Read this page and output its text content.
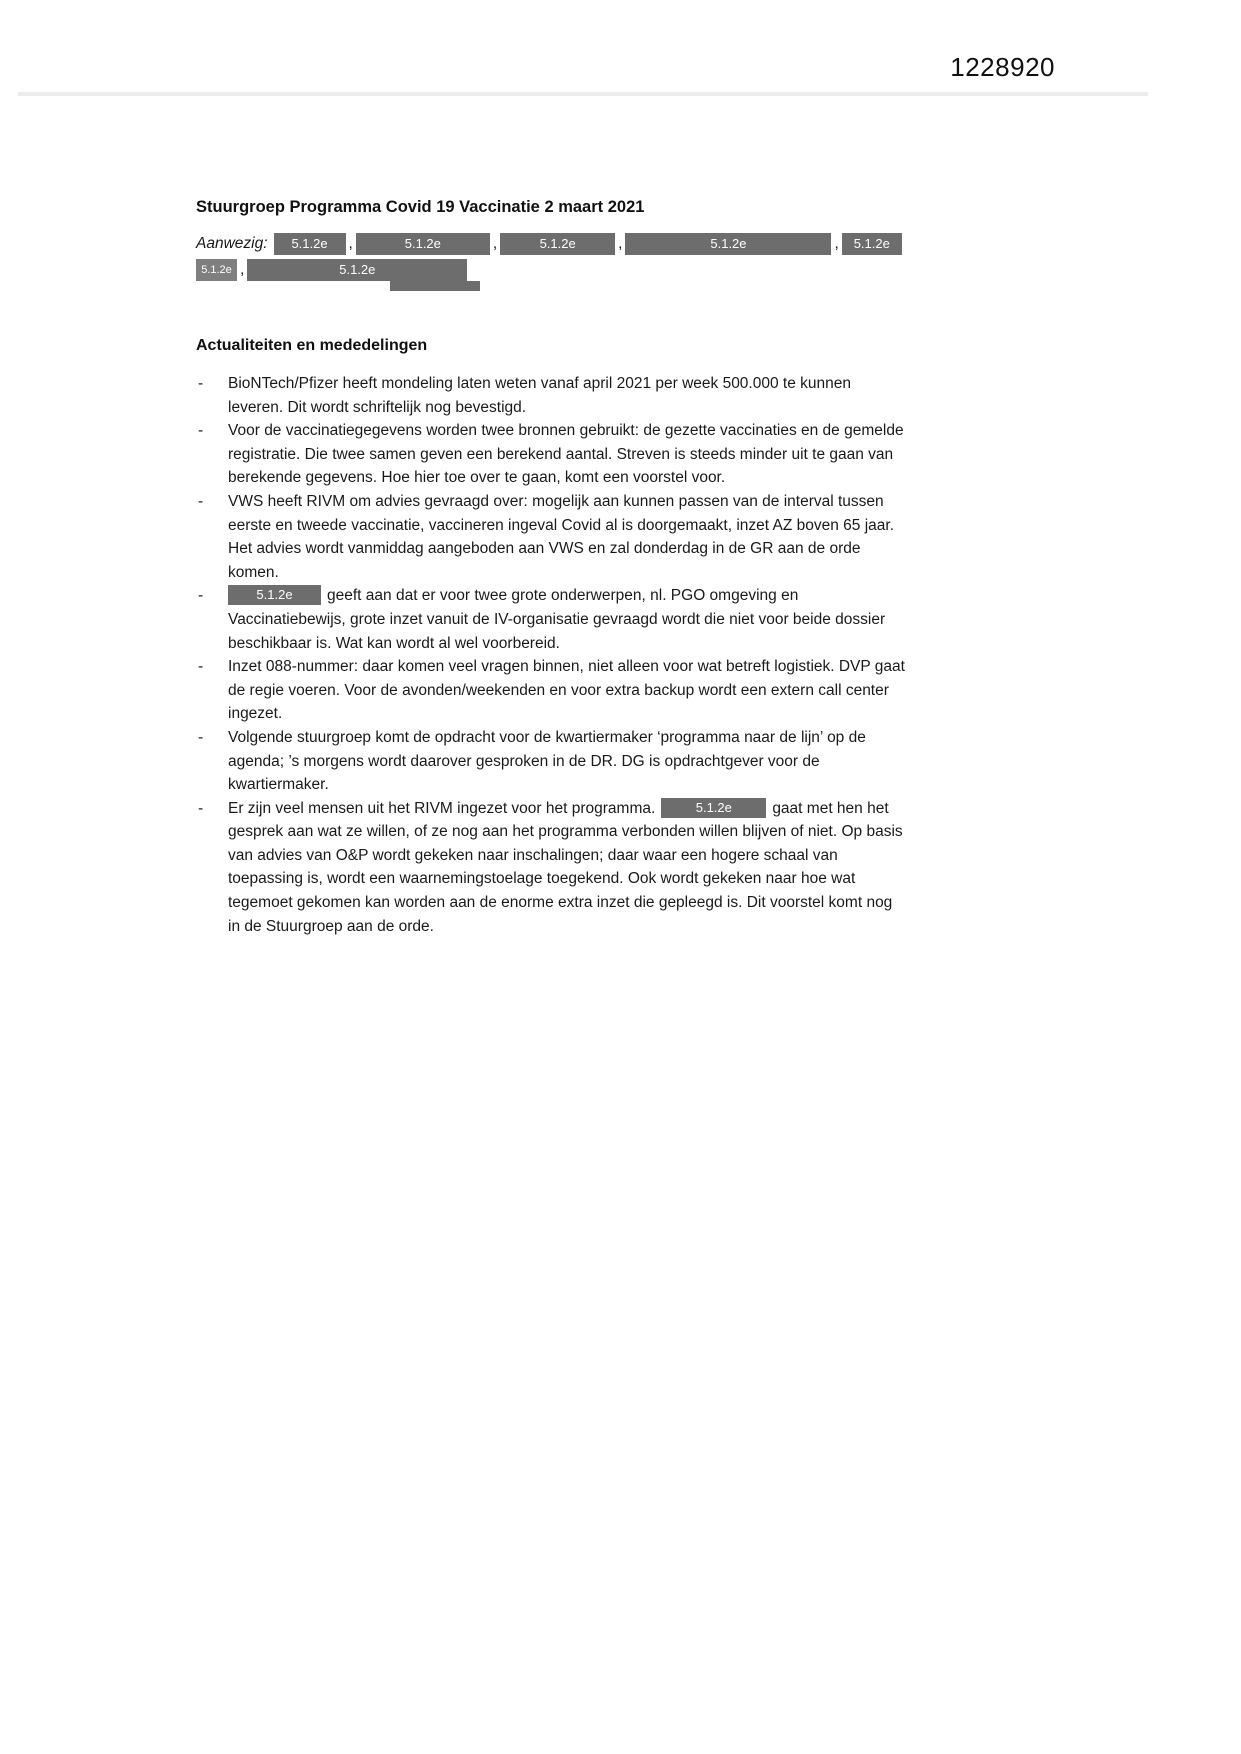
1228920
Stuurgroep Programma Covid 19 Vaccinatie 2 maart 2021
Aanwezig: 5.1.2e ,	5.1.2e	,	5.1.2e	,	5.1.2e	, 5.1.2e
5.1.2e ,	5.1.2e
Actualiteiten en mededelingen
-	BioNTech/Pfizer heeft mondeling laten weten vanaf april 2021 per week 500.000 te kunnen leveren. Dit wordt schriftelijk nog bevestigd.
-	Voor de vaccinatiegegevens worden twee bronnen gebruikt: de gezette vaccinaties en de gemelde registratie. Die twee samen geven een berekend aantal. Streven is steeds minder uit te gaan van berekende gegevens. Hoe hier toe over te gaan, komt een voorstel voor.
-	VWS heeft RIVM om advies gevraagd over: mogelijk aan kunnen passen van de interval tussen eerste en tweede vaccinatie, vaccineren ingeval Covid al is doorgemaakt, inzet AZ boven 65 jaar. Het advies wordt vanmiddag aangeboden aan VWS en zal donderdag in de GR aan de orde komen.
-	5.1.2e geeft aan dat er voor twee grote onderwerpen, nl. PGO omgeving en Vaccinatiebewijs, grote inzet vanuit de IV-organisatie gevraagd wordt die niet voor beide dossier beschikbaar is. Wat kan wordt al wel voorbereid.
-	Inzet 088-nummer: daar komen veel vragen binnen, niet alleen voor wat betreft logistiek. DVP gaat de regie voeren. Voor de avonden/weekenden en voor extra backup wordt een extern call center ingezet.
-	Volgende stuurgroep komt de opdracht voor de kwartiermaker ‘programma naar de lijn’ op de agenda; ’s morgens wordt daarover gesproken in de DR. DG is opdrachtgever voor de kwartiermaker.
-	Er zijn veel mensen uit het RIVM ingezet voor het programma.	5.1.2e	gaat met hen het gesprek aan wat ze willen, of ze nog aan het programma verbonden willen blijven of niet. Op basis van advies van O&P wordt gekeken naar inschalingen; daar waar een hogere schaal van toepassing is, wordt een waarnemingstoelage toegekend. Ook wordt gekeken naar hoe wat tegemoet gekomen kan worden aan de enorme extra inzet die gepleegd is. Dit voorstel komt nog in de Stuurgroep aan de orde.
